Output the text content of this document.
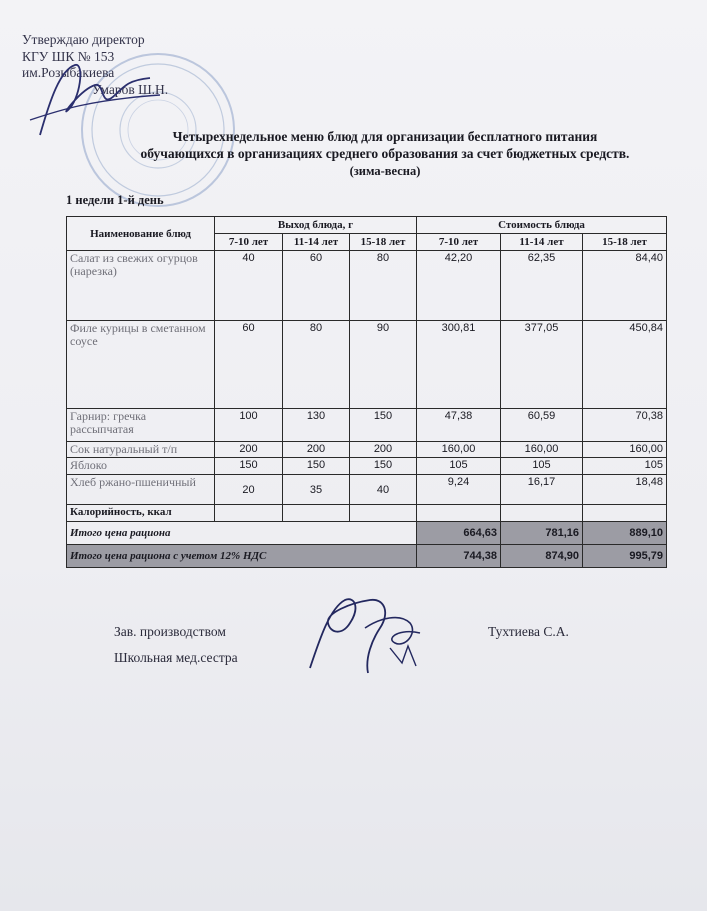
Утверждаю директор
КГУ ШК № 153
им.Розыбакиева
Умаров Ш.Н.
Четырехнедельное меню блюд для организации бесплатного питания
обучающихся в организациях среднего образования за счет бюджетных средств.
(зима-весна)
1 недели 1-й день
Наименование блюд	Выход блюда, г			Стоимость блюда		
	7-10 лет	11-14 лет	15-18 лет	7-10 лет	11-14 лет	15-18 лет
Салат из свежих огурцов (нарезка)	40	60	80	42,20	62,35	84,40
Филе курицы в сметанном соусе	60	80	90	300,81	377,05	450,84
Гарнир: гречка рассыпчатая	100	130	150	47,38	60,59	70,38
Сок натуральный т/п	200	200	200	160,00	160,00	160,00
Яблоко	150	150	150	105	105	105
Хлеб ржано-пшеничный	20	35	40	9,24	16,17	18,48
Калорийность, ккал						
Итого цена рациона				664,63	781,16	889,10
Итого цена рациона с учетом 12% НДС				744,38	874,90	995,79
Зав. производством	Тухтиева С.А.
Школьная мед.сестра
